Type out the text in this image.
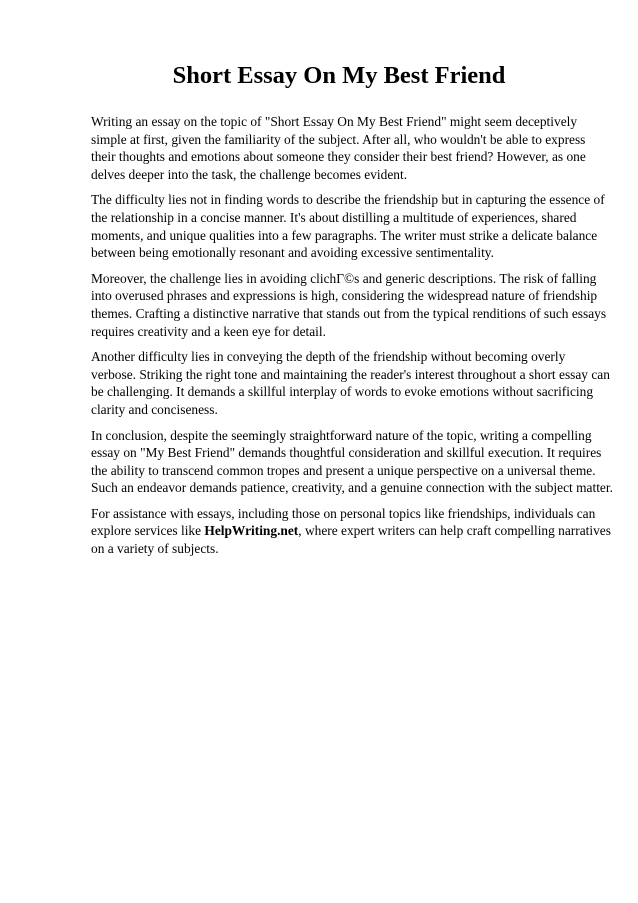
Short Essay On My Best Friend

Writing an essay on the topic of "Short Essay On My Best Friend" might seem deceptively
simple at first, given the familiarity of the subject. After all, who wouldn't be able to express
their thoughts and emotions about someone they consider their best friend? However, as one
delves deeper into the task, the challenge becomes evident.

The difficulty lies not in finding words to describe the friendship but in capturing the essence of
the relationship in a concise manner. It's about distilling a multitude of experiences, shared
moments, and unique qualities into a few paragraphs. The writer must strike a delicate balance
between being emotionally resonant and avoiding excessive sentimentality.

Moreover, the challenge lies in avoiding clichГ©s and generic descriptions. The risk of falling
into overused phrases and expressions is high, considering the widespread nature of friendship
themes. Crafting a distinctive narrative that stands out from the typical renditions of such essays
requires creativity and a keen eye for detail.

Another difficulty lies in conveying the depth of the friendship without becoming overly
verbose. Striking the right tone and maintaining the reader's interest throughout a short essay can
be challenging. It demands a skillful interplay of words to evoke emotions without sacrificing
clarity and conciseness.

In conclusion, despite the seemingly straightforward nature of the topic, writing a compelling
essay on "My Best Friend" demands thoughtful consideration and skillful execution. It requires
the ability to transcend common tropes and present a unique perspective on a universal theme.
Such an endeavor demands patience, creativity, and a genuine connection with the subject matter.

For assistance with essays, including those on personal topics like friendships, individuals can
explore services like HelpWriting.net, where expert writers can help craft compelling narratives
on a variety of subjects.
